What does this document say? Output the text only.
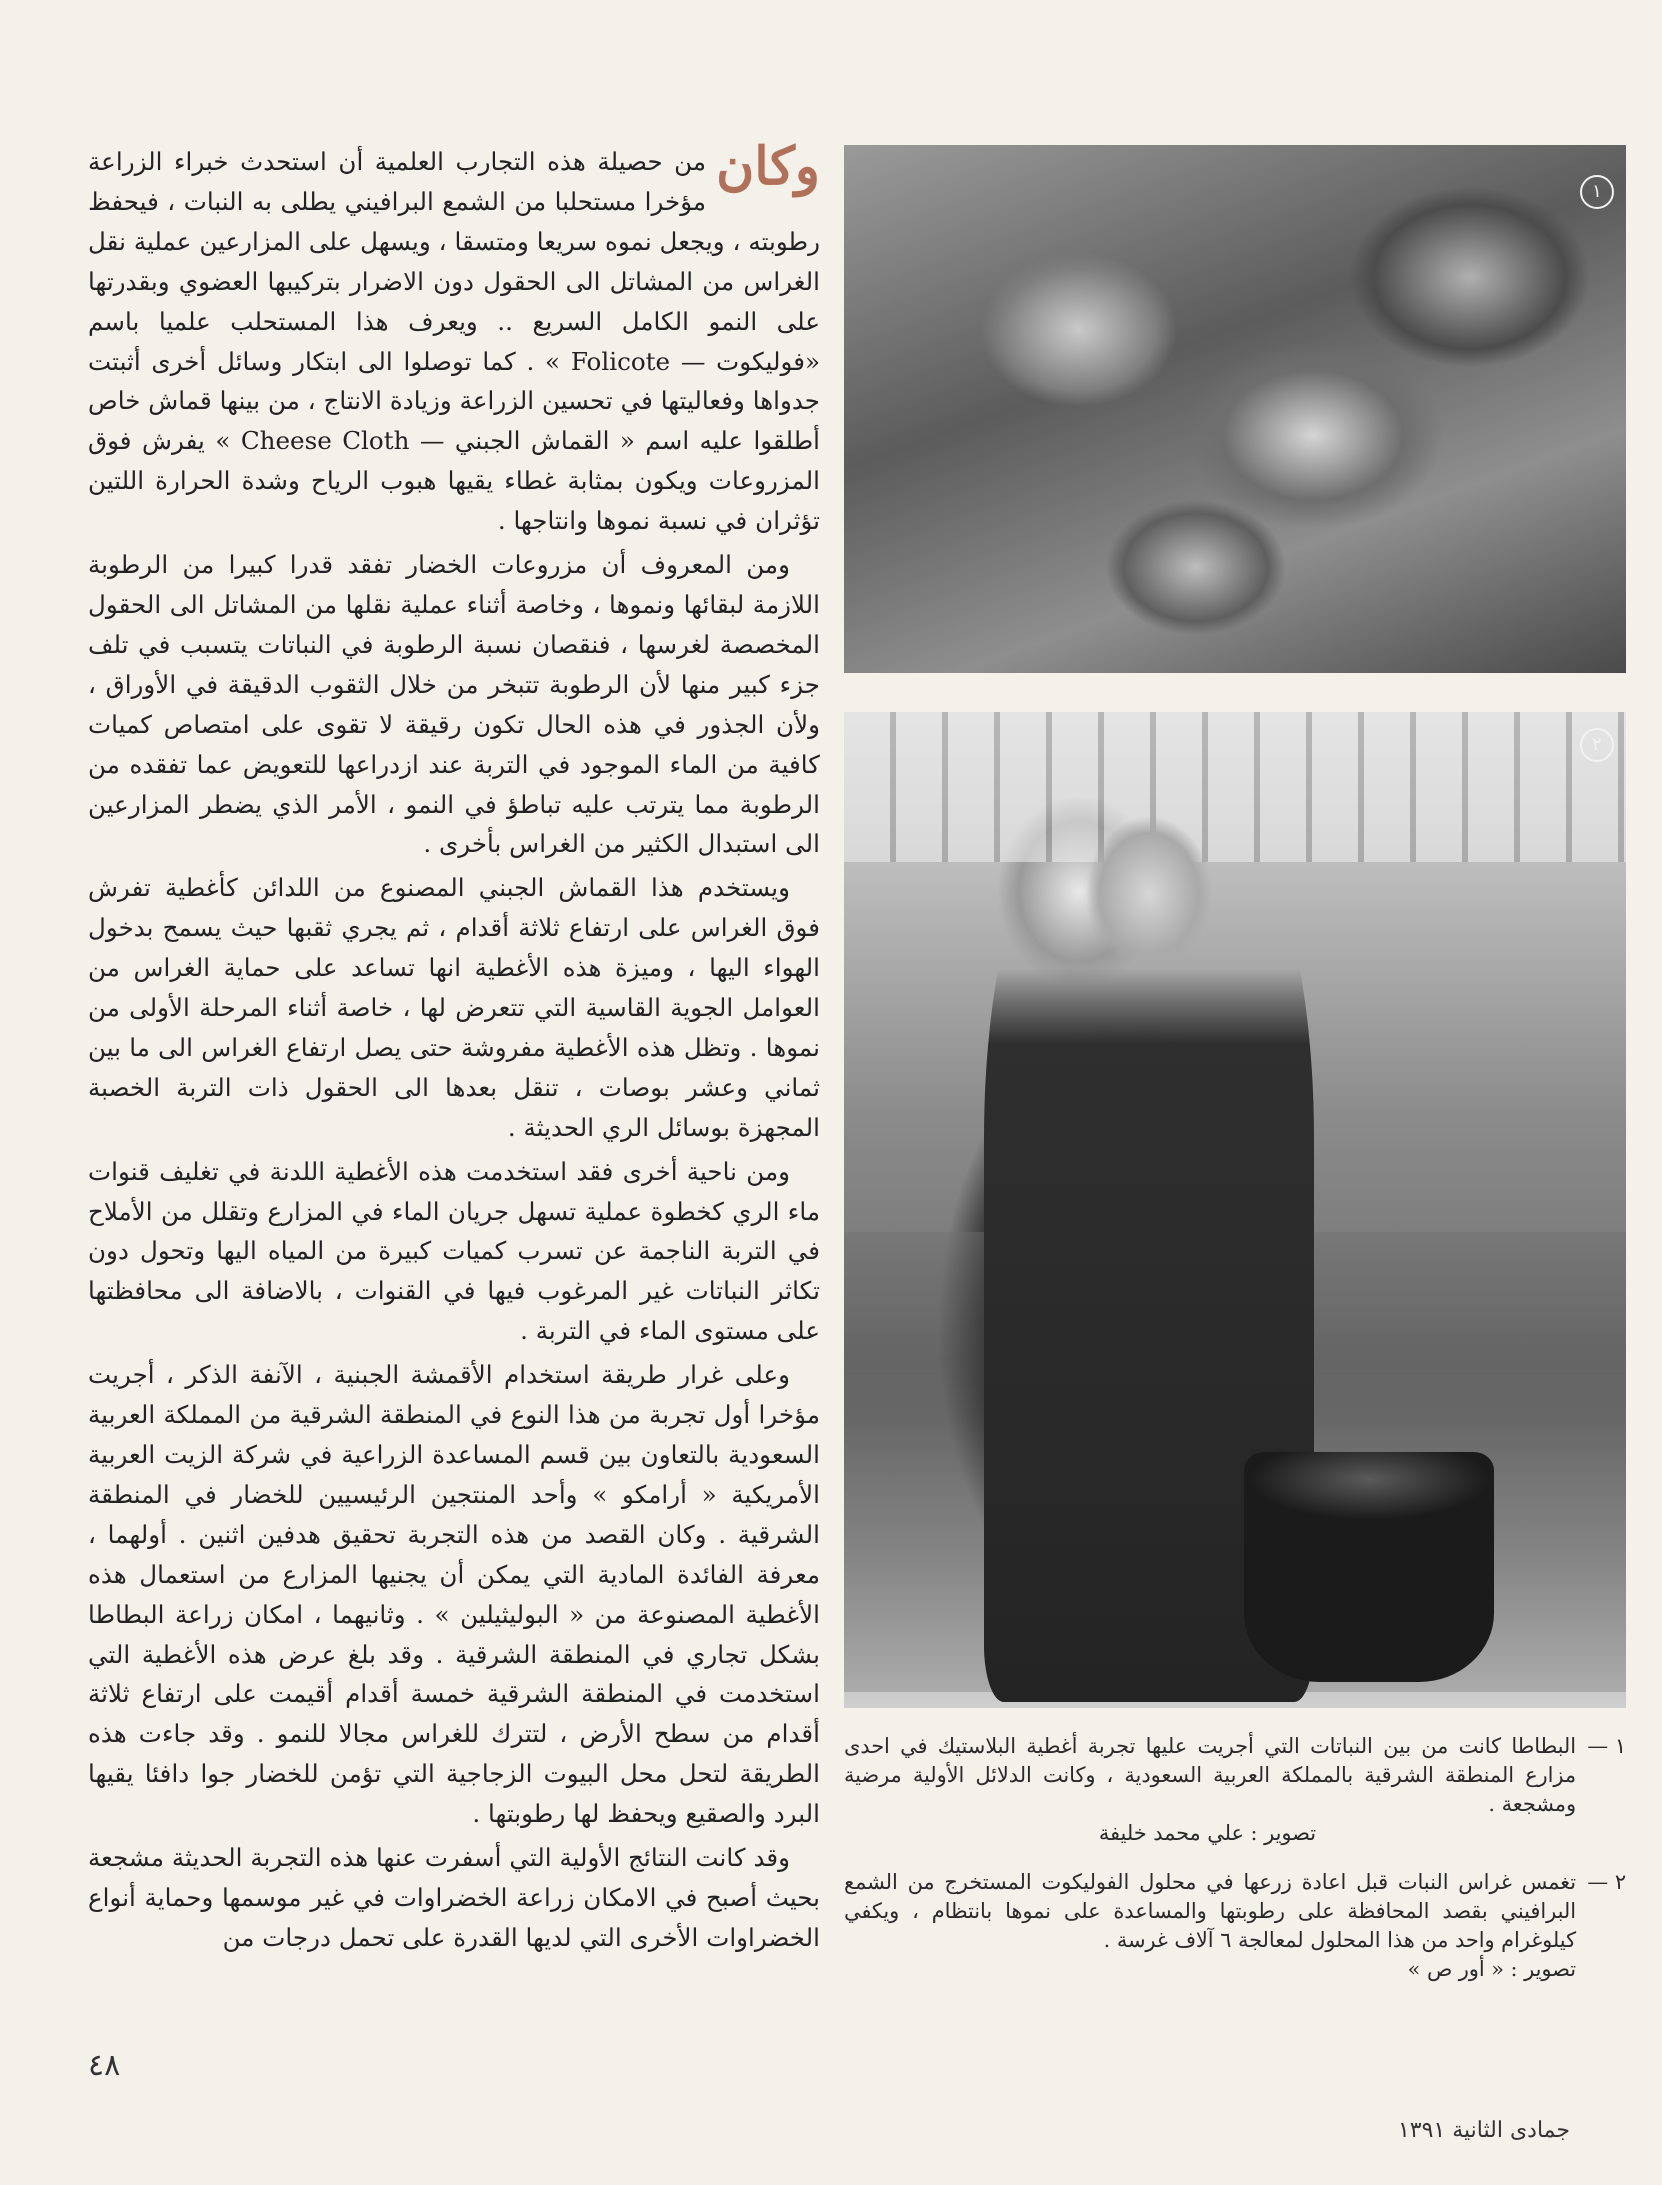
١
٢

وكان
من حصيلة هذه التجارب العلمية أن استحدث خبراء الزراعة مؤخرا مستحلبا من الشمع البرافيني يطلى به النبات ، فيحفظ رطوبته ، ويجعل نموه سريعا ومتسقا ، ويسهل على المزارعين عملية نقل الغراس من المشاتل الى الحقول دون الاضرار بتركيبها العضوي وبقدرتها على النمو الكامل السريع .. ويعرف هذا المستحلب علميا باسم «فوليكوت — Folicote » . كما توصلوا الى ابتكار وسائل أخرى أثبتت جدواها وفعاليتها في تحسين الزراعة وزيادة الانتاج ، من بينها قماش خاص أطلقوا عليه اسم « القماش الجبني — Cheese Cloth » يفرش فوق المزروعات ويكون بمثابة غطاء يقيها هبوب الرياح وشدة الحرارة اللتين تؤثران في نسبة نموها وانتاجها .

ومن المعروف أن مزروعات الخضار تفقد قدرا كبيرا من الرطوبة اللازمة لبقائها ونموها ، وخاصة أثناء عملية نقلها من المشاتل الى الحقول المخصصة لغرسها ، فنقصان نسبة الرطوبة في النباتات يتسبب في تلف جزء كبير منها لأن الرطوبة تتبخر من خلال الثقوب الدقيقة في الأوراق ، ولأن الجذور في هذه الحال تكون رقيقة لا تقوى على امتصاص كميات كافية من الماء الموجود في التربة عند ازدراعها للتعويض عما تفقده من الرطوبة مما يترتب عليه تباطؤ في النمو ، الأمر الذي يضطر المزارعين الى استبدال الكثير من الغراس بأخرى .

ويستخدم هذا القماش الجبني المصنوع من اللدائن كأغطية تفرش فوق الغراس على ارتفاع ثلاثة أقدام ، ثم يجري ثقبها حيث يسمح بدخول الهواء اليها ، وميزة هذه الأغطية انها تساعد على حماية الغراس من العوامل الجوية القاسية التي تتعرض لها ، خاصة أثناء المرحلة الأولى من نموها . وتظل هذه الأغطية مفروشة حتى يصل ارتفاع الغراس الى ما بين ثماني وعشر بوصات ، تنقل بعدها الى الحقول ذات التربة الخصبة المجهزة بوسائل الري الحديثة .

ومن ناحية أخرى فقد استخدمت هذه الأغطية اللدنة في تغليف قنوات ماء الري كخطوة عملية تسهل جريان الماء في المزارع وتقلل من الأملاح في التربة الناجمة عن تسرب كميات كبيرة من المياه اليها وتحول دون تكاثر النباتات غير المرغوب فيها في القنوات ، بالاضافة الى محافظتها على مستوى الماء في التربة .

وعلى غرار طريقة استخدام الأقمشة الجبنية ، الآنفة الذكر ، أجريت مؤخرا أول تجربة من هذا النوع في المنطقة الشرقية من المملكة العربية السعودية بالتعاون بين قسم المساعدة الزراعية في شركة الزيت العربية الأمريكية « أرامكو » وأحد المنتجين الرئيسيين للخضار في المنطقة الشرقية . وكان القصد من هذه التجربة تحقيق هدفين اثنين . أولهما ، معرفة الفائدة المادية التي يمكن أن يجنيها المزارع من استعمال هذه الأغطية المصنوعة من « البوليثيلين » . وثانيهما ، امكان زراعة البطاطا بشكل تجاري في المنطقة الشرقية . وقد بلغ عرض هذه الأغطية التي استخدمت في المنطقة الشرقية خمسة أقدام أقيمت على ارتفاع ثلاثة أقدام من سطح الأرض ، لتترك للغراس مجالا للنمو . وقد جاءت هذه الطريقة لتحل محل البيوت الزجاجية التي تؤمن للخضار جوا دافئا يقيها البرد والصقيع ويحفظ لها رطوبتها .

وقد كانت النتائج الأولية التي أسفرت عنها هذه التجربة الحديثة مشجعة بحيث أصبح في الامكان زراعة الخضراوات في غير موسمها وحماية أنواع الخضراوات الأخرى التي لديها القدرة على تحمل درجات من

١ —
البطاطا كانت من بين النباتات التي أجريت عليها تجربة أغطية البلاستيك في احدى مزارع المنطقة الشرقية بالمملكة العربية السعودية ، وكانت الدلائل الأولية مرضية ومشجعة .
تصوير : علي محمد خليفة
٢ —
تغمس غراس النبات قبل اعادة زرعها في محلول الفوليكوت المستخرج من الشمع البرافيني بقصد المحافظة على رطوبتها والمساعدة على نموها بانتظام ، ويكفي كيلوغرام واحد من هذا المحلول لمعالجة ٦ آلاف غرسة .
تصوير : « أور ص »
٤٨
جمادى الثانية ١٣٩١
